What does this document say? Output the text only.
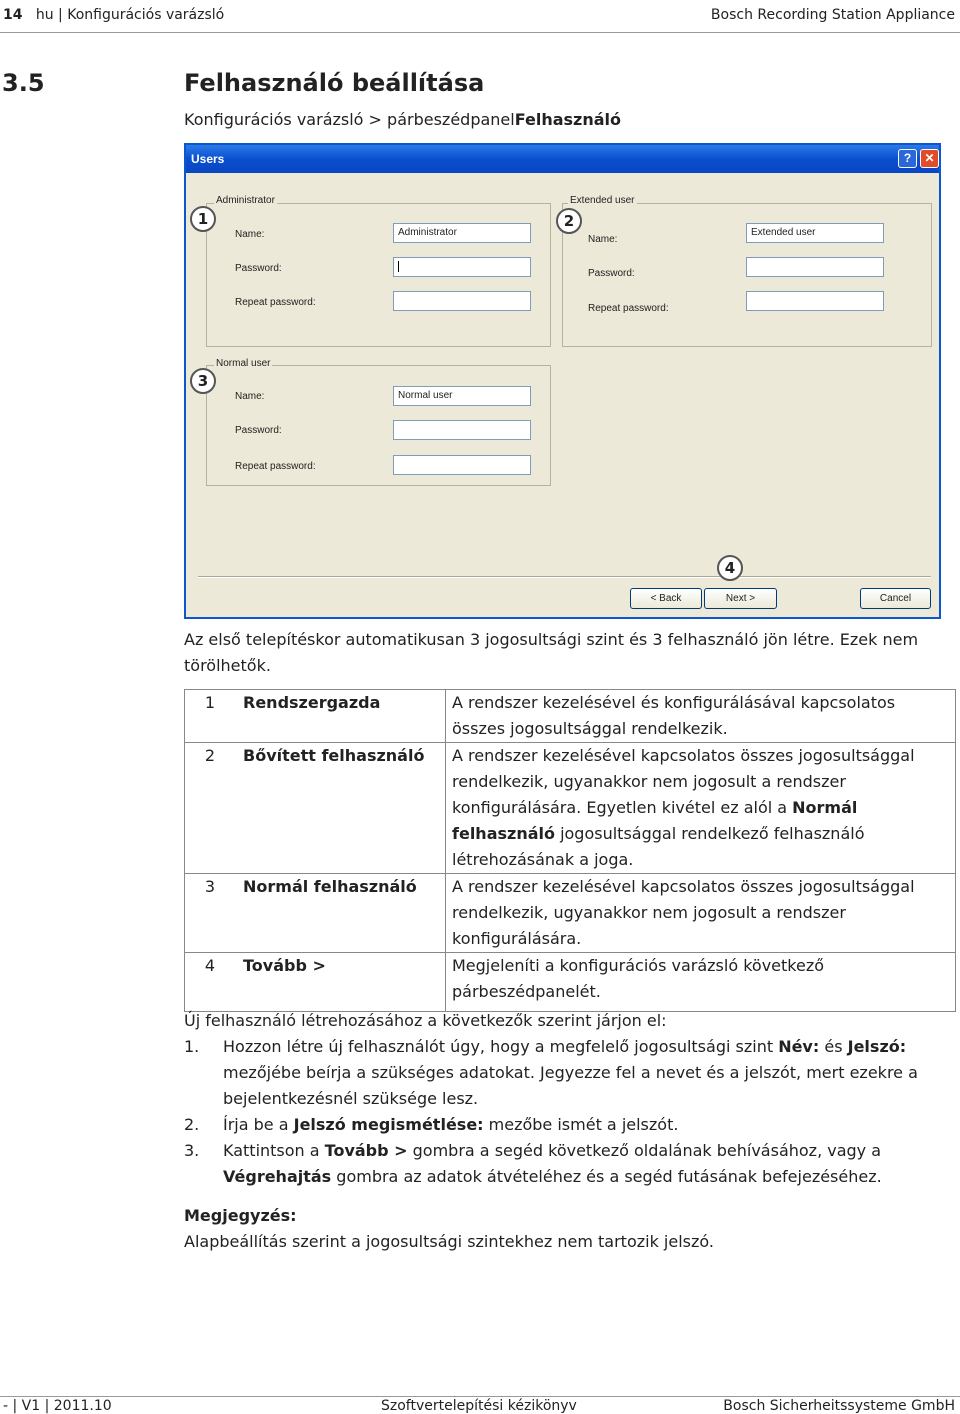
14 hu | Konfigurációs varázsló	Bosch Recording Station Appliance
3.5	Felhasználó beállítása
Konfigurációs varázsló > párbeszédpanelFelhasználó
Users	?	✕
Administrator
Name:	Administrator
Password:
Repeat password:
1
Extended user
Name:
Extended user
Password:
Repeat password:
2
Normal user
Name:	Normal user
Password:
Repeat password:
3
4
< Back	Next >	Cancel
Az első telepítéskor automatikusan 3 jogosultsági szint és 3 felhasználó jön létre. Ezek nem törölhetők.
1	Rendszergazda	A rendszer kezelésével és konfigurálásával kapcsolatos összes jogosultsággal rendelkezik.
2	Bővített felhasználó	A rendszer kezelésével kapcsolatos összes jogosultsággal rendelkezik, ugyanakkor nem jogosult a rendszer konfigurálására. Egyetlen kivétel ez alól a Normál felhasználó jogosultsággal rendelkező felhasználó létrehozásának a joga.
3	Normál felhasználó	A rendszer kezelésével kapcsolatos összes jogosultsággal rendelkezik, ugyanakkor nem jogosult a rendszer konfigurálására.
4	Tovább >	Megjeleníti a konfigurációs varázsló következő párbeszédpanelét.
Új felhasználó létrehozásához a következők szerint járjon el:
1. Hozzon létre új felhasználót úgy, hogy a megfelelő jogosultsági szint Név: és Jelszó: mezőjébe beírja a szükséges adatokat. Jegyezze fel a nevet és a jelszót, mert ezekre a bejelentkezésnél szüksége lesz.
2. Írja be a Jelszó megismétlése: mezőbe ismét a jelszót.
3. Kattintson a Tovább > gombra a segéd következő oldalának behívásához, vagy a Végrehajtás gombra az adatok átvételéhez és a segéd futásának befejezéséhez.
Megjegyzés:
Alapbeállítás szerint a jogosultsági szintekhez nem tartozik jelszó.
- | V1 | 2011.10	Szoftvertelepítési kézikönyv	Bosch Sicherheitssysteme GmbH
